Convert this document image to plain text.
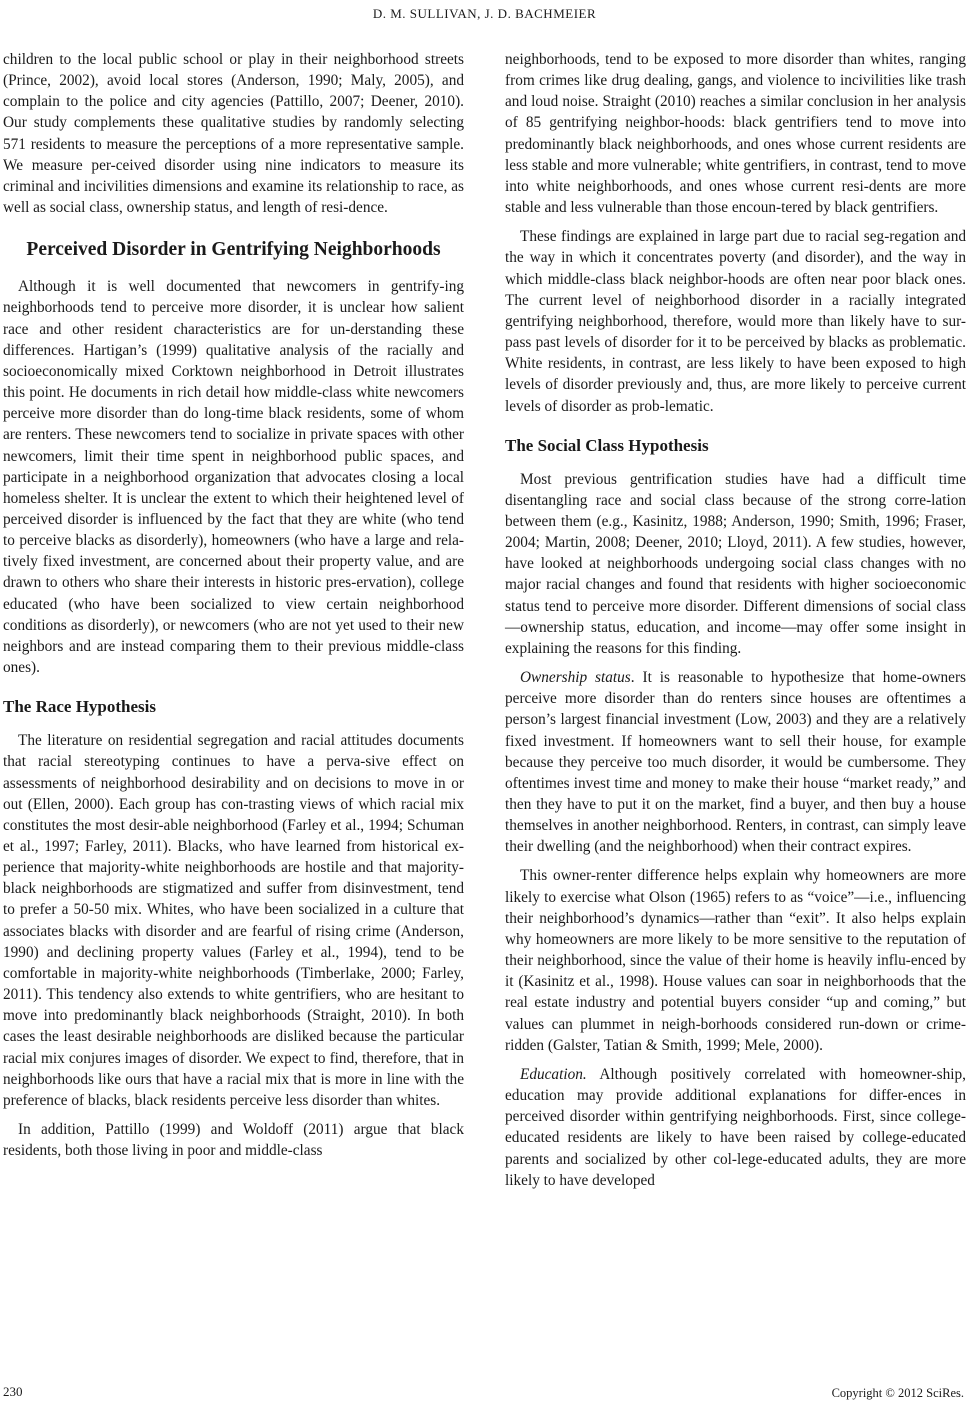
D. M. SULLIVAN, J. D. BACHMEIER

children to the local public school or play in their neighborhood streets (Prince, 2002), avoid local stores (Anderson, 1990; Maly, 2005), and complain to the police and city agencies (Pattillo, 2007; Deener, 2010). Our study complements these qualitative studies by randomly selecting 571 residents to measure the perceptions of a more representative sample. We measure per-ceived disorder using nine indicators to measure its criminal and incivilities dimensions and examine its relationship to race, as well as social class, ownership status, and length of resi-dence.

Perceived Disorder in Gentrifying Neighborhoods

Although it is well documented that newcomers in gentrify-ing neighborhoods tend to perceive more disorder, it is unclear how salient race and other resident characteristics are for un-derstanding these differences. Hartigan’s (1999) qualitative analysis of the racially and socioeconomically mixed Corktown neighborhood in Detroit illustrates this point. He documents in rich detail how middle-class white newcomers perceive more disorder than do long-time black residents, some of whom are renters. These newcomers tend to socialize in private spaces with other newcomers, limit their time spent in neighborhood public spaces, and participate in a neighborhood organization that advocates closing a local homeless shelter. It is unclear the extent to which their heightened level of perceived disorder is influenced by the fact that they are white (who tend to perceive blacks as disorderly), homeowners (who have a large and rela-tively fixed investment, are concerned about their property value, and are drawn to others who share their interests in historic pres-ervation), college educated (who have been socialized to view certain neighborhood conditions as disorderly), or newcomers (who are not yet used to their new neighbors and are instead comparing them to their previous middle-class ones).

The Race Hypothesis

The literature on residential segregation and racial attitudes documents that racial stereotyping continues to have a perva-sive effect on assessments of neighborhood desirability and on decisions to move in or out (Ellen, 2000). Each group has con-trasting views of which racial mix constitutes the most desir-able neighborhood (Farley et al., 1994; Schuman et al., 1997; Farley, 2011). Blacks, who have learned from historical ex-perience that majority-white neighborhoods are hostile and that majority-black neighborhoods are stigmatized and suffer from disinvestment, tend to prefer a 50-50 mix. Whites, who have been socialized in a culture that associates blacks with disorder and are fearful of rising crime (Anderson, 1990) and declining property values (Farley et al., 1994), tend to be comfortable in majority-white neighborhoods (Timberlake, 2000; Farley, 2011). This tendency also extends to white gentrifiers, who are hesitant to move into predominantly black neighborhoods (Straight, 2010). In both cases the least desirable neighborhoods are disliked because the particular racial mix conjures images of disorder. We expect to find, therefore, that in neighborhoods like ours that have a racial mix that is more in line with the preference of blacks, black residents perceive less disorder than whites.

In addition, Pattillo (1999) and Woldoff (2011) argue that black residents, both those living in poor and middle-class

neighborhoods, tend to be exposed to more disorder than whites, ranging from crimes like drug dealing, gangs, and violence to incivilities like trash and loud noise. Straight (2010) reaches a similar conclusion in her analysis of 85 gentrifying neighbor-hoods: black gentrifiers tend to move into predominantly black neighborhoods, and ones whose current residents are less stable and more vulnerable; white gentrifiers, in contrast, tend to move into white neighborhoods, and ones whose current resi-dents are more stable and less vulnerable than those encoun-tered by black gentrifiers.

These findings are explained in large part due to racial seg-regation and the way in which it concentrates poverty (and disorder), and the way in which middle-class black neighbor-hoods are often near poor black ones. The current level of neighborhood disorder in a racially integrated gentrifying neighborhood, therefore, would more than likely have to sur-pass past levels of disorder for it to be perceived by blacks as problematic. White residents, in contrast, are less likely to have been exposed to high levels of disorder previously and, thus, are more likely to perceive current levels of disorder as prob-lematic.

The Social Class Hypothesis

Most previous gentrification studies have had a difficult time disentangling race and social class because of the strong corre-lation between them (e.g., Kasinitz, 1988; Anderson, 1990; Smith, 1996; Fraser, 2004; Martin, 2008; Deener, 2010; Lloyd, 2011). A few studies, however, have looked at neighborhoods undergoing social class changes with no major racial changes and found that residents with higher socioeconomic status tend to perceive more disorder. Different dimensions of social class —ownership status, education, and income—may offer some insight in explaining the reasons for this finding.

Ownership status. It is reasonable to hypothesize that home-owners perceive more disorder than do renters since houses are oftentimes a person’s largest financial investment (Low, 2003) and they are a relatively fixed investment. If homeowners want to sell their house, for example because they perceive too much disorder, it would be cumbersome. They oftentimes invest time and money to make their house “market ready,” and then they have to put it on the market, find a buyer, and then buy a house themselves in another neighborhood. Renters, in contrast, can simply leave their dwelling (and the neighborhood) when their contract expires.

This owner-renter difference helps explain why homeowners are more likely to exercise what Olson (1965) refers to as “voice”—i.e., influencing their neighborhood’s dynamics—rather than “exit”. It also helps explain why homeowners are more likely to be more sensitive to the reputation of their neighborhood, since the value of their home is heavily influ-enced by it (Kasinitz et al., 1998). House values can soar in neighborhoods that the real estate industry and potential buyers consider “up and coming,” but values can plummet in neigh-borhoods considered run-down or crime-ridden (Galster, Tatian & Smith, 1999; Mele, 2000).

Education. Although positively correlated with homeowner-ship, education may provide additional explanations for differ-ences in perceived disorder within gentrifying neighborhoods. First, since college-educated residents are likely to have been raised by college-educated parents and socialized by other col-lege-educated adults, they are more likely to have developed

230	Copyright © 2012 SciRes.
